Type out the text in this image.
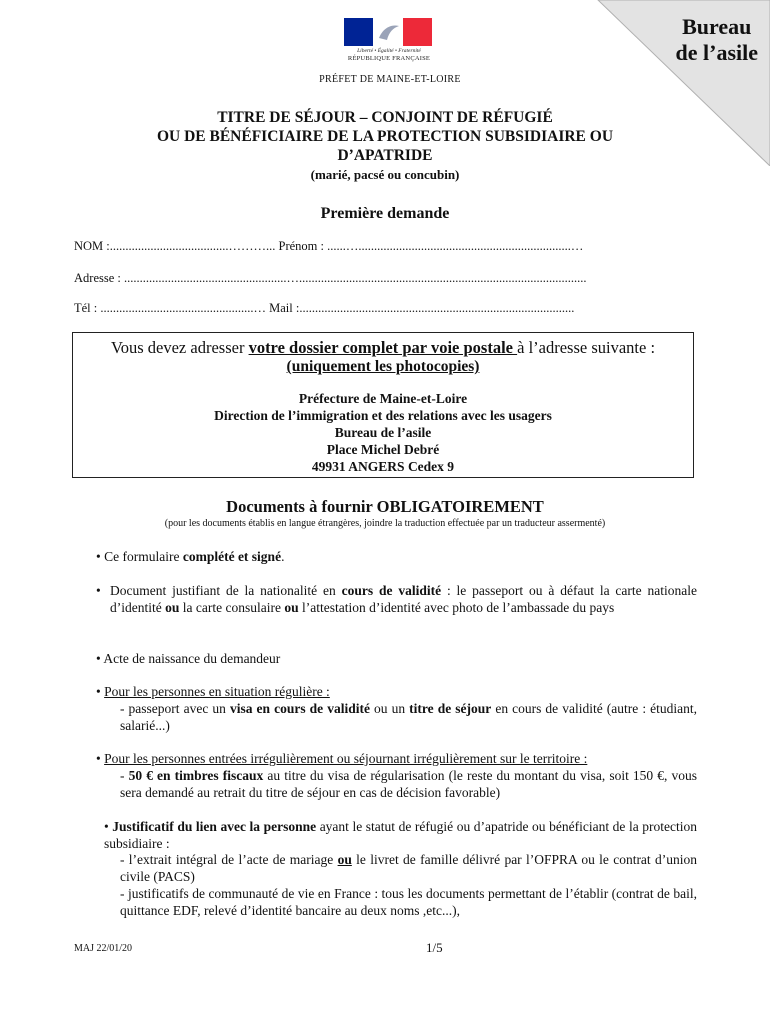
Liberté • Égalité • Fraternité
RÉPUBLIQUE FRANÇAISE
PRÉFET DE MAINE-ET-LOIRE
Bureau
de l’asile
TITRE DE SÉJOUR – CONJOINT DE RÉFUGIÉ
OU DE BÉNÉFICIAIRE DE LA PROTECTION SUBSIDIAIRE OU
D’APATRIDE
(marié, pacsé ou concubin)
Première demande
NOM :......................................………... Prénom : ......…....................................................................…
Adresse : ....................................................…............................................................................................
Tél : .................................................… Mail :........................................................................................
Vous devez adresser votre dossier complet par voie postale à l’adresse suivante :
(uniquement les photocopies)
Préfecture de Maine-et-Loire
Direction de l’immigration et des relations avec les usagers
Bureau de l’asile
Place Michel Debré
49931 ANGERS Cedex 9
Documents à fournir OBLIGATOIREMENT
(pour les documents établis en langue étrangères, joindre la traduction effectuée par un traducteur assermenté)
• Ce formulaire complété et signé.
• Document justifiant de la nationalité en cours de validité : le passeport ou à défaut la carte nationale d’identité ou la carte consulaire ou l’attestation d’identité avec photo de l’ambassade du pays
• Acte de naissance du demandeur
• Pour les personnes en situation régulière :
- passeport avec un visa en cours de validité ou un titre de séjour en cours de validité (autre : étudiant, salarié...)
• Pour les personnes entrées irrégulièrement ou séjournant irrégulièrement sur le territoire :
- 50 € en timbres fiscaux au titre du visa de régularisation (le reste du montant du visa, soit 150 €, vous sera demandé au retrait du titre de séjour en cas de décision favorable)
• Justificatif du lien avec la personne ayant le statut de réfugié ou d’apatride ou bénéficiant de la protection subsidiaire :
- l’extrait intégral de l’acte de mariage ou le livret de famille délivré par l’OFPRA ou le contrat d’union civile (PACS)
- justificatifs de communauté de vie en France : tous les documents permettant de l’établir (contrat de bail, quittance EDF, relevé d’identité bancaire au deux noms ,etc...),
MAJ 22/01/20	1/5
